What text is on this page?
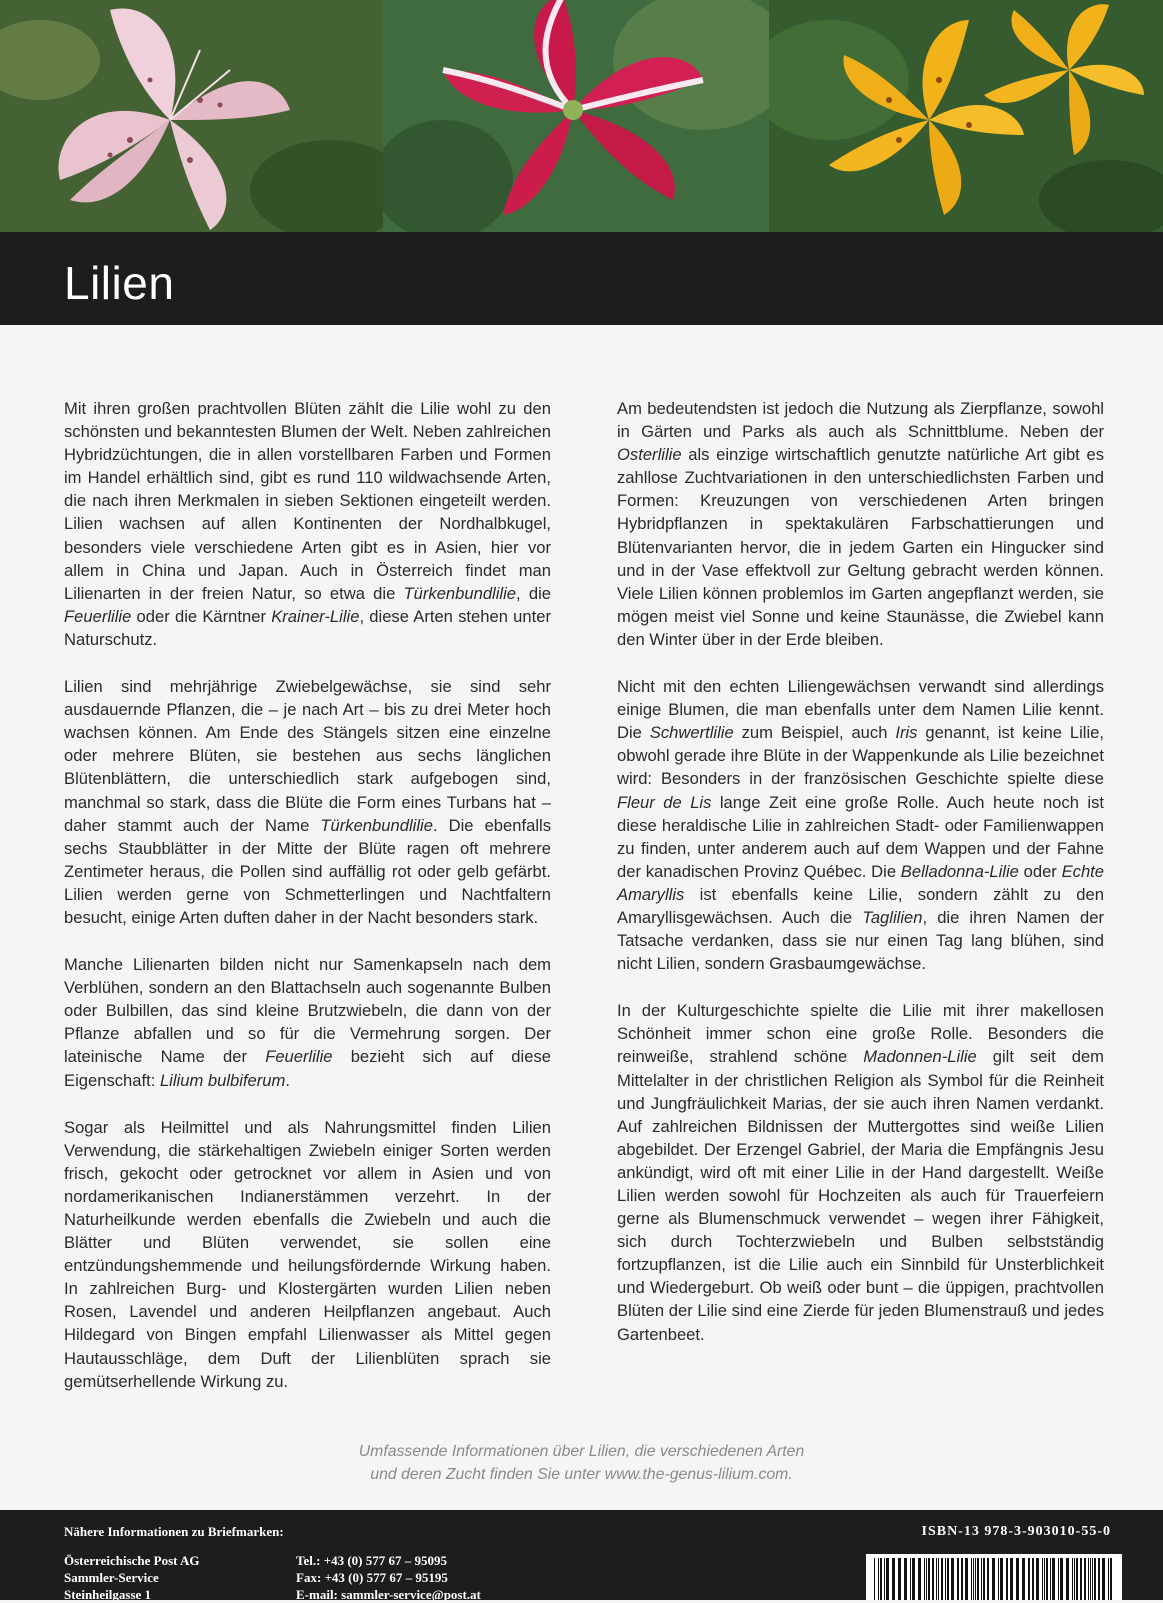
Lilien

Mit ihren großen prachtvollen Blüten zählt die Lilie wohl zu den schönsten und bekanntesten Blumen der Welt. Neben zahlreichen Hybridzüchtungen, die in allen vorstellbaren Farben und Formen im Handel erhältlich sind, gibt es rund 110 wildwachsende Arten, die nach ihren Merkmalen in sieben Sektionen eingeteilt werden. Lilien wachsen auf allen Kontinenten der Nordhalbkugel, besonders viele verschiedene Arten gibt es in Asien, hier vor allem in China und Japan. Auch in Österreich findet man Lilienarten in der freien Natur, so etwa die Türkenbundlilie, die Feuerlilie oder die Kärntner Krainer-Lilie, diese Arten stehen unter Naturschutz.

Lilien sind mehrjährige Zwiebelgewächse, sie sind sehr ausdauernde Pflanzen, die – je nach Art – bis zu drei Meter hoch wachsen können. Am Ende des Stängels sitzen eine einzelne oder mehrere Blüten, sie bestehen aus sechs länglichen Blütenblättern, die unterschiedlich stark aufgebogen sind, manchmal so stark, dass die Blüte die Form eines Turbans hat – daher stammt auch der Name Türkenbundlilie. Die ebenfalls sechs Staubblätter in der Mitte der Blüte ragen oft mehrere Zentimeter heraus, die Pollen sind auffällig rot oder gelb gefärbt. Lilien werden gerne von Schmetterlingen und Nachtfaltern besucht, einige Arten duften daher in der Nacht besonders stark.

Manche Lilienarten bilden nicht nur Samenkapseln nach dem Verblühen, sondern an den Blattachseln auch sogenannte Bulben oder Bulbillen, das sind kleine Brutzwiebeln, die dann von der Pflanze abfallen und so für die Vermehrung sorgen. Der lateinische Name der Feuerlilie bezieht sich auf diese Eigenschaft: Lilium bulbiferum.

Sogar als Heilmittel und als Nahrungsmittel finden Lilien Verwendung, die stärkehaltigen Zwiebeln einiger Sorten werden frisch, gekocht oder getrocknet vor allem in Asien und von nordamerikanischen Indianerstämmen verzehrt. In der Naturheilkunde werden ebenfalls die Zwiebeln und auch die Blätter und Blüten verwendet, sie sollen eine entzündungshemmende und heilungsfördernde Wirkung haben. In zahlreichen Burg- und Klostergärten wurden Lilien neben Rosen, Lavendel und anderen Heilpflanzen angebaut. Auch Hildegard von Bingen empfahl Lilienwasser als Mittel gegen Hautausschläge, dem Duft der Lilienblüten sprach sie gemütserhellende Wirkung zu.

Am bedeutendsten ist jedoch die Nutzung als Zierpflanze, sowohl in Gärten und Parks als auch als Schnittblume. Neben der Osterlilie als einzige wirtschaftlich genutzte natürliche Art gibt es zahllose Zuchtvariationen in den unterschiedlichsten Farben und Formen: Kreuzungen von verschiedenen Arten bringen Hybridpflanzen in spektakulären Farbschattierungen und Blütenvarianten hervor, die in jedem Garten ein Hingucker sind und in der Vase effektvoll zur Geltung gebracht werden können. Viele Lilien können problemlos im Garten angepflanzt werden, sie mögen meist viel Sonne und keine Staunässe, die Zwiebel kann den Winter über in der Erde bleiben.

Nicht mit den echten Liliengewächsen verwandt sind allerdings einige Blumen, die man ebenfalls unter dem Namen Lilie kennt. Die Schwertlilie zum Beispiel, auch Iris genannt, ist keine Lilie, obwohl gerade ihre Blüte in der Wappenkunde als Lilie bezeichnet wird: Besonders in der französischen Geschichte spielte diese Fleur de Lis lange Zeit eine große Rolle. Auch heute noch ist diese heraldische Lilie in zahlreichen Stadt- oder Familienwappen zu finden, unter anderem auch auf dem Wappen und der Fahne der kanadischen Provinz Québec. Die Belladonna-Lilie oder Echte Amaryllis ist ebenfalls keine Lilie, sondern zählt zu den Amaryllisgewächsen. Auch die Taglilien, die ihren Namen der Tatsache verdanken, dass sie nur einen Tag lang blühen, sind nicht Lilien, sondern Grasbaumgewächse.

In der Kulturgeschichte spielte die Lilie mit ihrer makellosen Schönheit immer schon eine große Rolle. Besonders die reinweiße, strahlend schöne Madonnen-Lilie gilt seit dem Mittelalter in der christlichen Religion als Symbol für die Reinheit und Jungfräulichkeit Marias, der sie auch ihren Namen verdankt. Auf zahlreichen Bildnissen der Muttergottes sind weiße Lilien abgebildet. Der Erzengel Gabriel, der Maria die Empfängnis Jesu ankündigt, wird oft mit einer Lilie in der Hand dargestellt. Weiße Lilien werden sowohl für Hochzeiten als auch für Trauerfeiern gerne als Blumenschmuck verwendet – wegen ihrer Fähigkeit, sich durch Tochterzwiebeln und Bulben selbstständig fortzupflanzen, ist die Lilie auch ein Sinnbild für Unsterblichkeit und Wiedergeburt. Ob weiß oder bunt – die üppigen, prachtvollen Blüten der Lilie sind eine Zierde für jeden Blumenstrauß und jedes Gartenbeet.

Umfassende Informationen über Lilien, die verschiedenen Arten
und deren Zucht finden Sie unter www.the-genus-lilium.com.
Nähere Informationen zu Briefmarken:
Österreichische Post AG
Sammler-Service
Steinheilgasse 1
Tel.: +43 (0) 577 67 – 95095
Fax: +43 (0) 577 67 – 95195
E-mail: sammler-service@post.at
ISBN-13 978-3-903010-55-0
